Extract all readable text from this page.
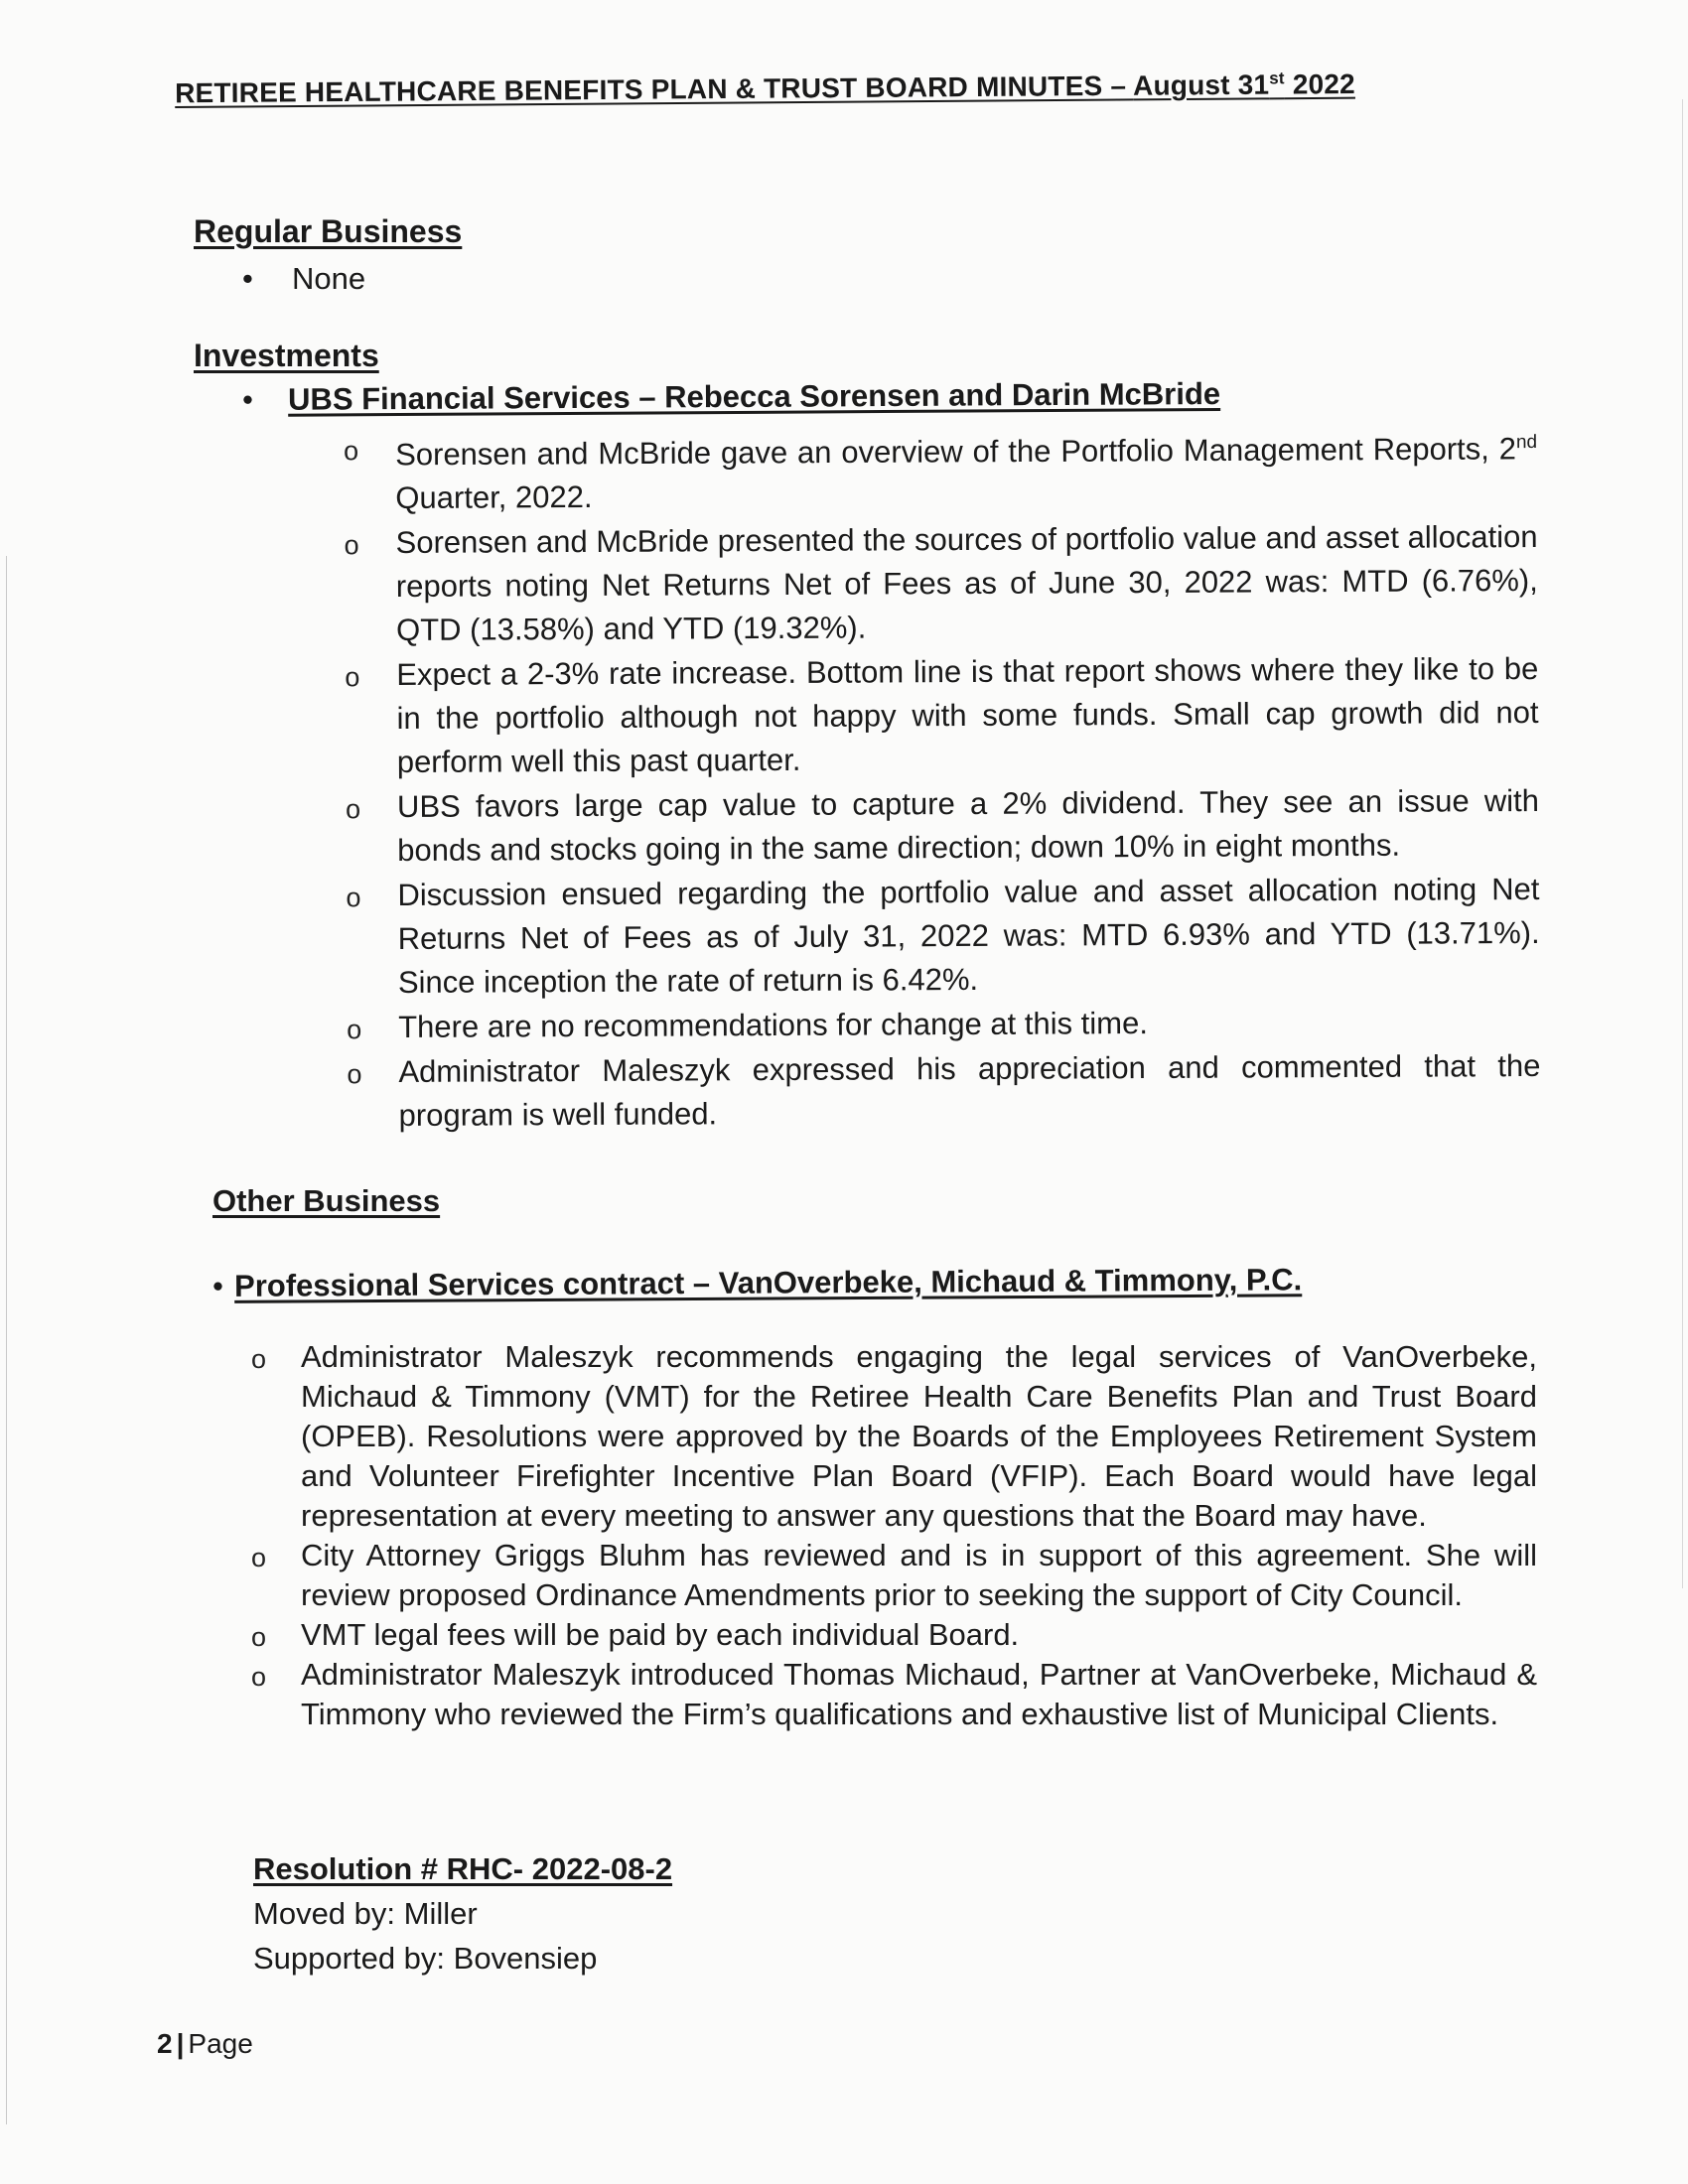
RETIREE HEALTHCARE BENEFITS PLAN & TRUST BOARD MINUTES – August 31st 2022
Regular Business
• None
Investments
• UBS Financial Services – Rebecca Sorensen and Darin McBride
o Sorensen and McBride gave an overview of the Portfolio Management Reports, 2nd Quarter, 2022.
o Sorensen and McBride presented the sources of portfolio value and asset allocation reports noting Net Returns Net of Fees as of June 30, 2022 was: MTD (6.76%), QTD (13.58%) and YTD (19.32%).
o Expect a 2-3% rate increase. Bottom line is that report shows where they like to be in the portfolio although not happy with some funds. Small cap growth did not perform well this past quarter.
o UBS favors large cap value to capture a 2% dividend. They see an issue with bonds and stocks going in the same direction; down 10% in eight months.
o Discussion ensued regarding the portfolio value and asset allocation noting Net Returns Net of Fees as of July 31, 2022 was: MTD 6.93% and YTD (13.71%). Since inception the rate of return is 6.42%.
o There are no recommendations for change at this time.
o Administrator Maleszyk expressed his appreciation and commented that the program is well funded.
Other Business
• Professional Services contract – VanOverbeke, Michaud & Timmony, P.C.
o Administrator Maleszyk recommends engaging the legal services of VanOverbeke, Michaud & Timmony (VMT) for the Retiree Health Care Benefits Plan and Trust Board (OPEB). Resolutions were approved by the Boards of the Employees Retirement System and Volunteer Firefighter Incentive Plan Board (VFIP). Each Board would have legal representation at every meeting to answer any questions that the Board may have.
o City Attorney Griggs Bluhm has reviewed and is in support of this agreement. She will review proposed Ordinance Amendments prior to seeking the support of City Council.
o VMT legal fees will be paid by each individual Board.
o Administrator Maleszyk introduced Thomas Michaud, Partner at VanOverbeke, Michaud & Timmony who reviewed the Firm’s qualifications and exhaustive list of Municipal Clients.
Resolution # RHC- 2022-08-2
Moved by: Miller
Supported by: Bovensiep
2 | Page
